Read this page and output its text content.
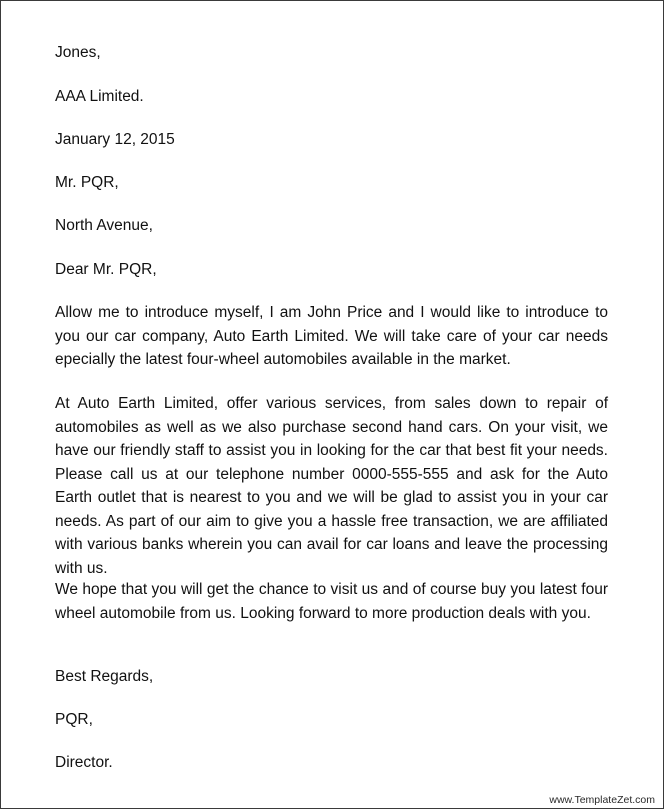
Jones,
AAA Limited.
January 12, 2015
Mr. PQR,
North Avenue,
Dear Mr. PQR,
Allow me to introduce myself, I am John Price and I would like to introduce to you our car company, Auto Earth Limited. We will take care of your car needs epecially the latest four-wheel automobiles available in the market.
At Auto Earth Limited, offer various services, from sales down to repair of automobiles as well as we also purchase second hand cars. On your visit, we have our friendly staff to assist you in looking for the car that best fit your needs. Please call us at our telephone number 0000-555-555 and ask for the Auto Earth outlet that is nearest to you and we will be glad to assist you in your car needs. As part of our aim to give you a hassle free transaction, we are affiliated with various banks wherein you can avail for car loans and leave the processing with us.
We hope that you will get the chance to visit us and of course buy you latest four wheel automobile from us. Looking forward to more production deals with you.
Best Regards,
PQR,
Director.
www.TemplateZet.com
